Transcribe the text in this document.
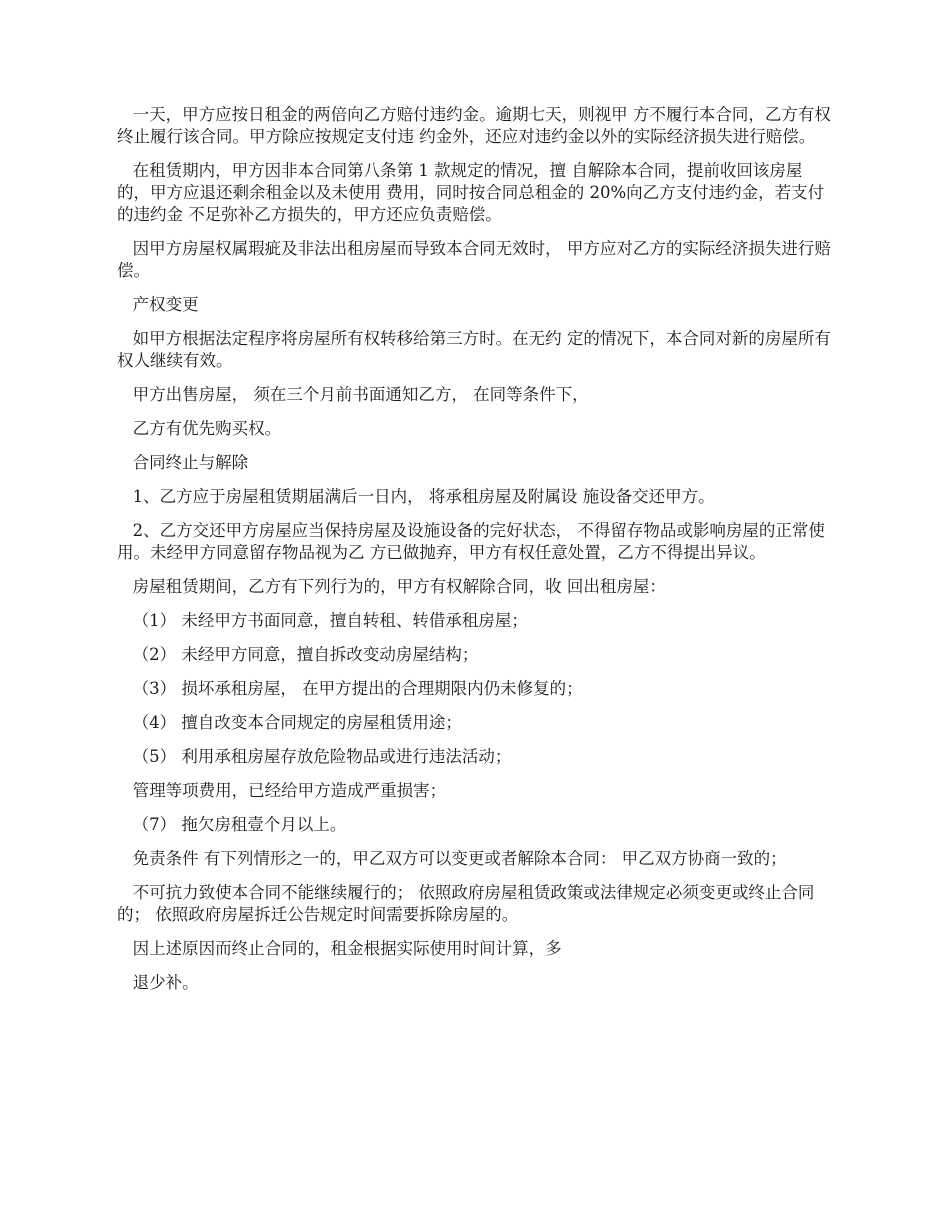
一天，甲方应按日租金的两倍向乙方赔付违约金。逾期七天，则视甲 方不履行本合同，乙方有权终止履行该合同。甲方除应按规定支付违 约金外，还应对违约金以外的实际经济损失进行赔偿。

在租赁期内，甲方因非本合同第八条第 1 款规定的情况，擅 自解除本合同，提前收回该房屋的，甲方应退还剩余租金以及未使用 费用，同时按合同总租金的 20%向乙方支付违约金，若支付的违约金 不足弥补乙方损失的，甲方还应负责赔偿。

因甲方房屋权属瑕疵及非法出租房屋而导致本合同无效时， 甲方应对乙方的实际经济损失进行赔偿。

产权变更

如甲方根据法定程序将房屋所有权转移给第三方时。在无约 定的情况下，本合同对新的房屋所有权人继续有效。

甲方出售房屋， 须在三个月前书面通知乙方， 在同等条件下，

乙方有优先购买权。

合同终止与解除

1、乙方应于房屋租赁期届满后一日内， 将承租房屋及附属设 施设备交还甲方。

2、乙方交还甲方房屋应当保持房屋及设施设备的完好状态， 不得留存物品或影响房屋的正常使用。未经甲方同意留存物品视为乙 方已做抛弃，甲方有权任意处置，乙方不得提出异议。

房屋租赁期间，乙方有下列行为的，甲方有权解除合同，收 回出租房屋：

（1） 未经甲方书面同意，擅自转租、转借承租房屋；

（2） 未经甲方同意，擅自拆改变动房屋结构；

（3） 损坏承租房屋， 在甲方提出的合理期限内仍未修复的；

（4） 擅自改变本合同规定的房屋租赁用途；

（5） 利用承租房屋存放危险物品或进行违法活动；

管理等项费用，已经给甲方造成严重损害；

（7） 拖欠房租壹个月以上。

免责条件 有下列情形之一的，甲乙双方可以变更或者解除本合同： 甲乙双方协商一致的；

不可抗力致使本合同不能继续履行的； 依照政府房屋租赁政策或法律规定必须变更或终止合同的； 依照政府房屋拆迁公告规定时间需要拆除房屋的。

因上述原因而终止合同的，租金根据实际使用时间计算，多

退少补。
